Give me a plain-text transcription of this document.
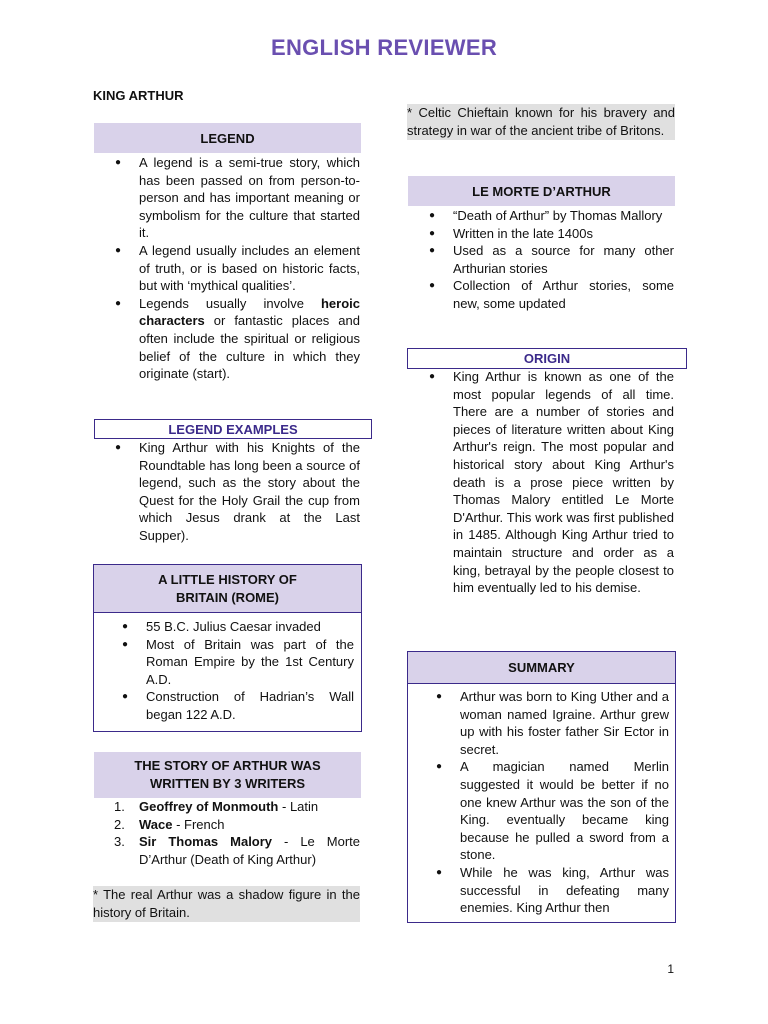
ENGLISH REVIEWER
KING ARTHUR
LEGEND
● A legend is a semi-true story, which has been passed on from person-to-person and has important meaning or symbolism for the culture that started it.
● A legend usually includes an element of truth, or is based on historic facts, but with ‘mythical qualities’.
● Legends usually involve heroic characters or fantastic places and often include the spiritual or religious belief of the culture in which they originate (start).
LEGEND EXAMPLES
● King Arthur with his Knights of the Roundtable has long been a source of legend, such as the story about the Quest for the Holy Grail the cup from which Jesus drank at the Last Supper).
A LITTLE HISTORY OF
BRITAIN (ROME)
● 55 B.C. Julius Caesar invaded
● Most of Britain was part of the Roman Empire by the 1st Century A.D.
● Construction of Hadrian’s Wall began 122 A.D.
THE STORY OF ARTHUR WAS
WRITTEN BY 3 WRITERS
1. Geoffrey of Monmouth - Latin
2. Wace - French
3. Sir Thomas Malory - Le Morte D’Arthur (Death of King Arthur)
* The real Arthur was a shadow figure in the history of Britain.
* Celtic Chieftain known for his bravery and strategy in war of the ancient tribe of Britons.
LE MORTE D’ARTHUR
● “Death of Arthur” by Thomas Mallory
● Written in the late 1400s
● Used as a source for many other Arthurian stories
● Collection of Arthur stories, some new, some updated
ORIGIN
● King Arthur is known as one of the most popular legends of all time. There are a number of stories and pieces of literature written about King Arthur's reign. The most popular and historical story about King Arthur's death is a prose piece written by Thomas Malory entitled Le Morte D'Arthur. This work was first published in 1485. Although King Arthur tried to maintain structure and order as a king, betrayal by the people closest to him eventually led to his demise.
SUMMARY
● Arthur was born to King Uther and a woman named Igraine. Arthur grew up with his foster father Sir Ector in secret.
● A magician named Merlin suggested it would be better if no one knew Arthur was the son of the King. eventually became king because he pulled a sword from a stone.
● While he was king, Arthur was successful in defeating many enemies. King Arthur then
1
